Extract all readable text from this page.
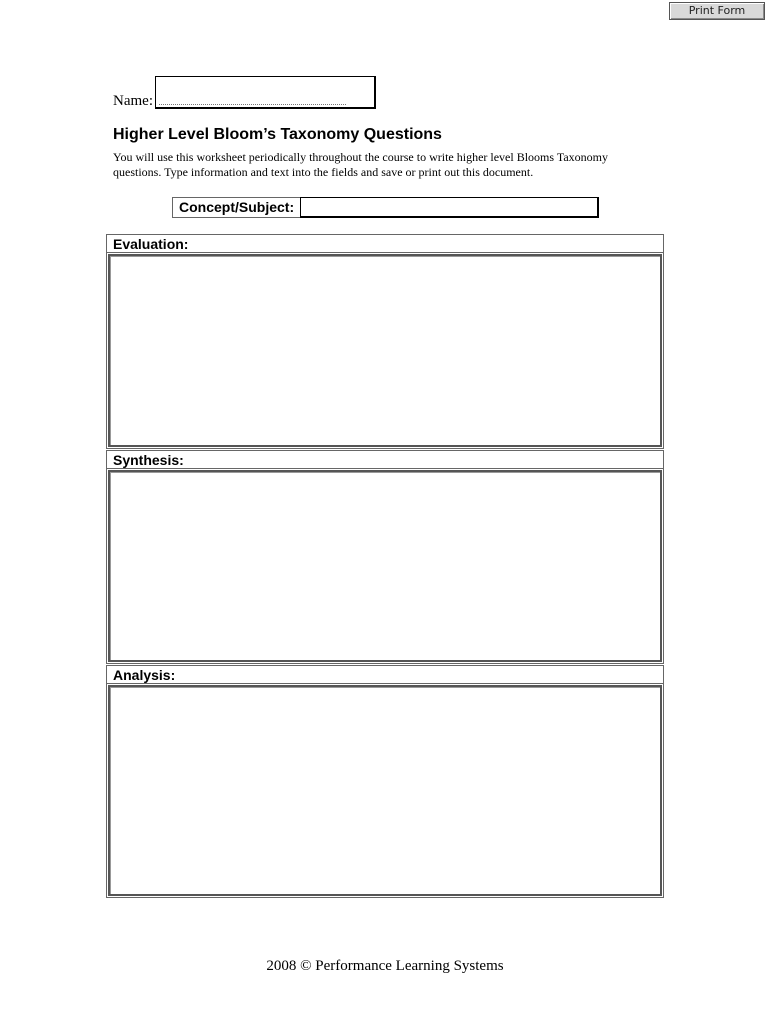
Print Form
Name:
Higher Level Bloom’s Taxonomy Questions

You will use this worksheet periodically throughout the course to write higher level Blooms Taxonomy
questions. Type information and text into the fields and save or print out this document.

Concept/Subject:
Evaluation:
Synthesis:
Analysis:
2008 © Performance Learning Systems
